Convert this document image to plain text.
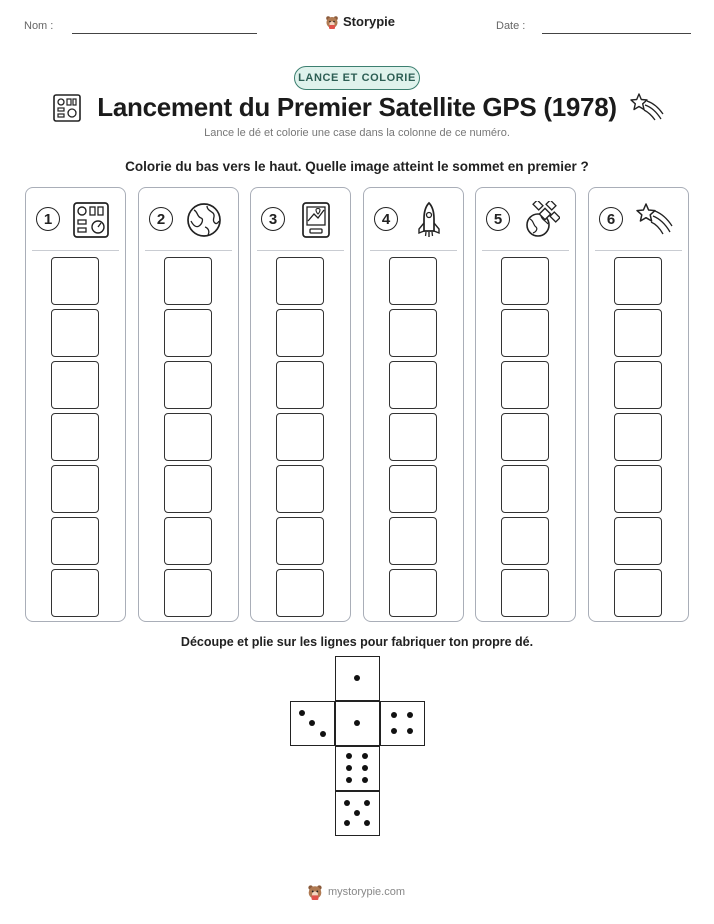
Nom :	Storypie	Date :
LANCE ET COLORIE
Lancement du Premier Satellite GPS (1978)
Lance le dé et colorie une case dans la colonne de ce numéro.
Colorie du bas vers le haut. Quelle image atteint le sommet en premier ?
1	2	3	4	5	6
Découpe et plie sur les lignes pour fabriquer ton propre dé.
mystorypie.com
